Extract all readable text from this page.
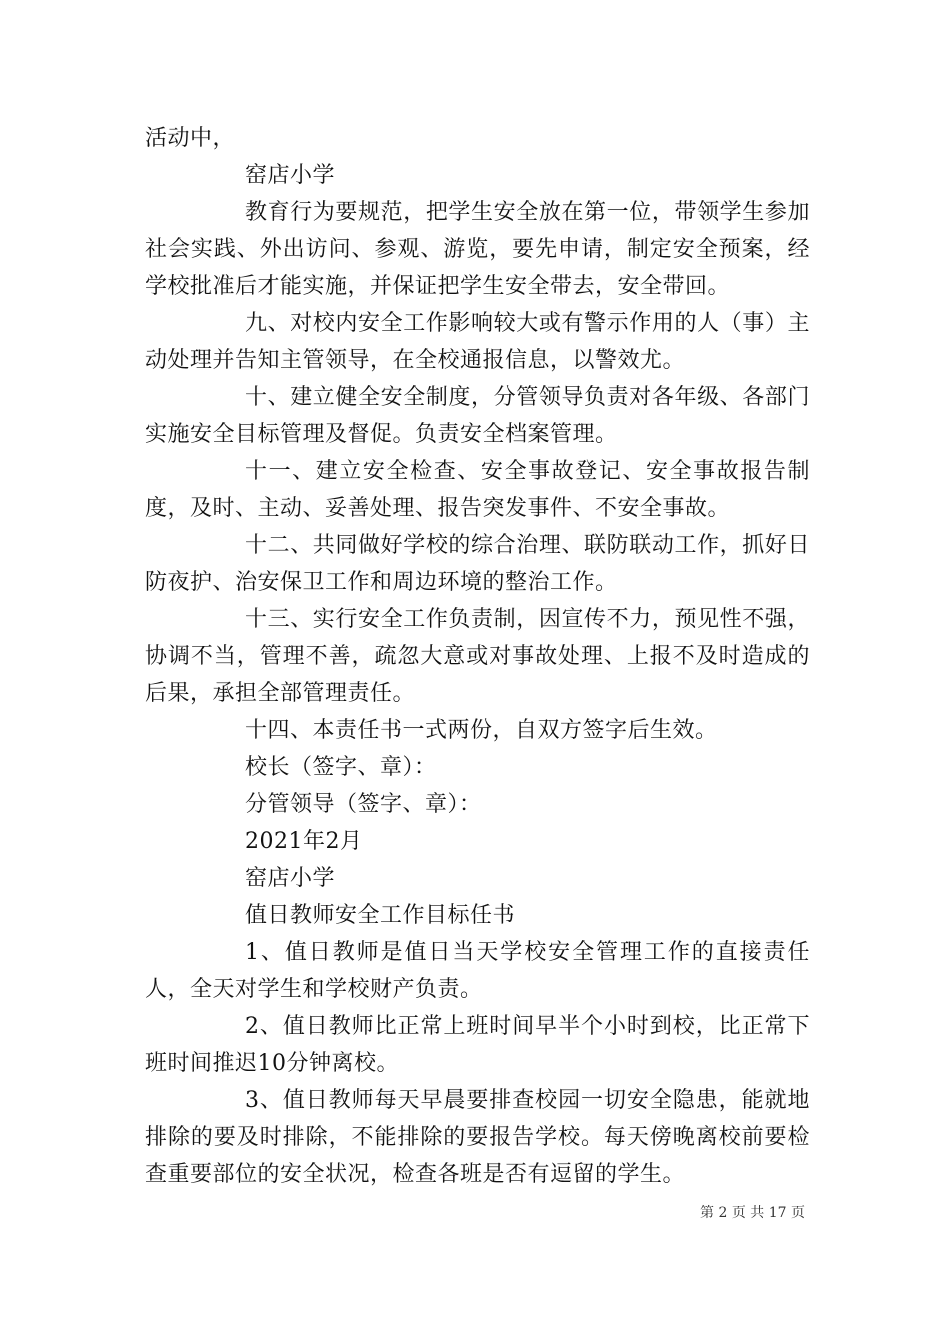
活动中，

窑店小学

教育行为要规范，把学生安全放在第一位，带领学生参加社会实践、外出访问、参观、游览，要先申请，制定安全预案，经学校批准后才能实施，并保证把学生安全带去，安全带回。

九、对校内安全工作影响较大或有警示作用的人（事）主动处理并告知主管领导，在全校通报信息，以警效尤。

十、建立健全安全制度，分管领导负责对各年级、各部门实施安全目标管理及督促。负责安全档案管理。

十一、建立安全检查、安全事故登记、安全事故报告制度，及时、主动、妥善处理、报告突发事件、不安全事故。

十二、共同做好学校的综合治理、联防联动工作，抓好日防夜护、治安保卫工作和周边环境的整治工作。

十三、实行安全工作负责制，因宣传不力，预见性不强，协调不当，管理不善，疏忽大意或对事故处理、上报不及时造成的后果，承担全部管理责任。

十四、本责任书一式两份，自双方签字后生效。

校长（签字、章）：

分管领导（签字、章）：

2021年2月

窑店小学

值日教师安全工作目标任书

1、值日教师是值日当天学校安全管理工作的直接责任人，全天对学生和学校财产负责。

2、值日教师比正常上班时间早半个小时到校，比正常下班时间推迟10分钟离校。

3、值日教师每天早晨要排查校园一切安全隐患，能就地排除的要及时排除，不能排除的要报告学校。每天傍晚离校前要检查重要部位的安全状况，检查各班是否有逗留的学生。

第 2 页 共 17 页
